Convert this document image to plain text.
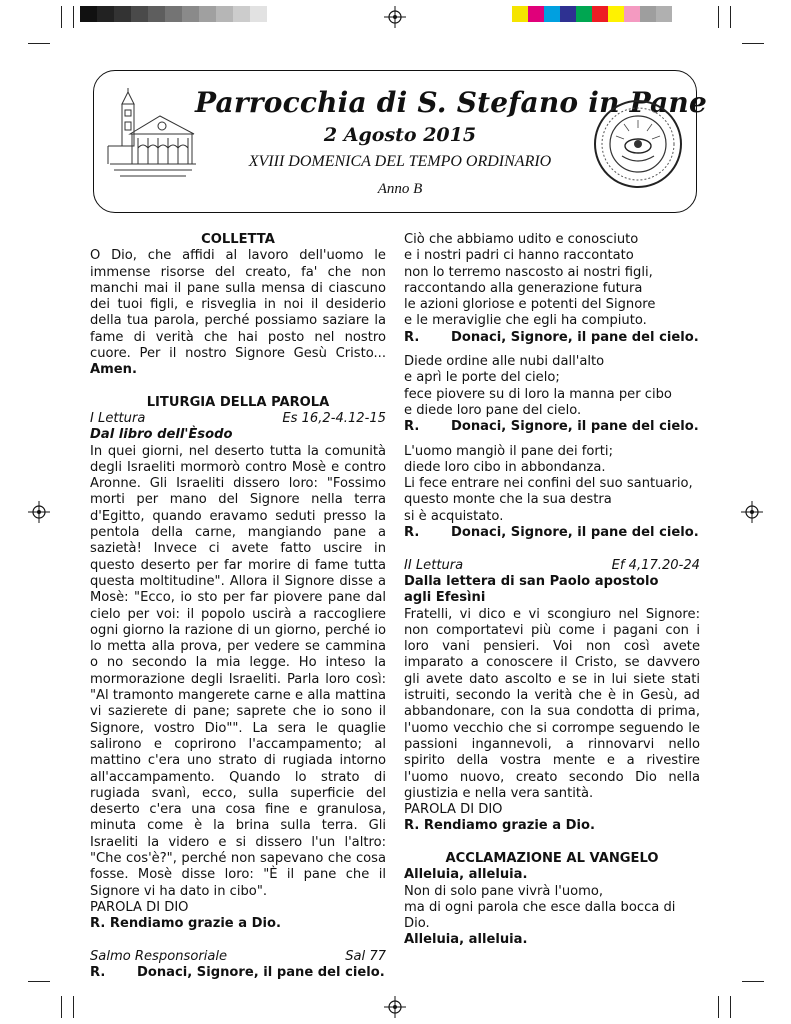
Parrocchia di S. Stefano in Pane
2 Agosto 2015
XVIII DOMENICA DEL TEMPO ORDINARIO
Anno B

COLLETTA

O Dio, che affidi al lavoro dell'uomo le immense risorse del creato, fa' che non manchi mai il pane sulla mensa di ciascuno dei tuoi figli, e risveglia in noi il desiderio della tua parola, perché possiamo saziare la fame di verità che hai posto nel nostro cuore. Per il nostro Signore Gesù Cristo... Amen.

LITURGIA DELLA PAROLA

I Lettura	Es 16,2-4.12-15

Dal libro dell'Èsodo

In quei giorni, nel deserto tutta la comunità degli Israeliti mormorò contro Mosè e contro Aronne. Gli Israeliti dissero loro: "Fossimo morti per mano del Signore nella terra d'Egitto, quando eravamo seduti presso la pentola della carne, mangiando pane a sazietà! Invece ci avete fatto uscire in questo deserto per far morire di fame tutta questa moltitudine". Allora il Signore disse a Mosè: "Ecco, io sto per far piovere pane dal cielo per voi: il popolo uscirà a raccogliere ogni giorno la razione di un giorno, perché io lo metta alla prova, per vedere se cammina o no secondo la mia legge. Ho inteso la mormorazione degli Israeliti. Parla loro così: "Al tramonto mangerete carne e alla mattina vi sazierete di pane; saprete che io sono il Signore, vostro Dio"". La sera le quaglie salirono e coprirono l'accampamento; al mattino c'era uno strato di rugiada intorno all'accampamento. Quando lo strato di rugiada svanì, ecco, sulla superficie del deserto c'era una cosa fine e granulosa, minuta come è la brina sulla terra. Gli Israeliti la videro e si dissero l'un l'altro: "Che cos'è?", perché non sapevano che cosa fosse. Mosè disse loro: "È il pane che il Signore vi ha dato in cibo".

PAROLA DI DIO

R. Rendiamo grazie a Dio.

Salmo Responsoriale	Sal 77
R.	Donaci, Signore, il pane del cielo.

Ciò che abbiamo udito e conosciuto

e i nostri padri ci hanno raccontato

non lo terremo nascosto ai nostri figli,

raccontando alla generazione futura

le azioni gloriose e potenti del Signore

e le meraviglie che egli ha compiuto.

R.	Donaci, Signore, il pane del cielo.

Diede ordine alle nubi dall'alto

e aprì le porte del cielo;

fece piovere su di loro la manna per cibo

e diede loro pane del cielo.

R.	Donaci, Signore, il pane del cielo.

L'uomo mangiò il pane dei forti;

diede loro cibo in abbondanza.

Li fece entrare nei confini del suo santuario,

questo monte che la sua destra

si è acquistato.

R.	Donaci, Signore, il pane del cielo.
II Lettura	Ef 4,17.20-24

Dalla lettera di san Paolo apostolo

agli Efesìni

Fratelli, vi dico e vi scongiuro nel Signore: non comportatevi più come i pagani con i loro vani pensieri. Voi non così avete imparato a conoscere il Cristo, se davvero gli avete dato ascolto e se in lui siete stati istruiti, secondo la verità che è in Gesù, ad abbandonare, con la sua condotta di prima, l'uomo vecchio che si corrompe seguendo le passioni ingannevoli, a rinnovarvi nello spirito della vostra mente e a rivestire l'uomo nuovo, creato secondo Dio nella giustizia e nella vera santità.

PAROLA DI DIO

R. Rendiamo grazie a Dio.

ACCLAMAZIONE AL VANGELO

Alleluia, alleluia.

Non di solo pane vivrà l'uomo,

ma di ogni parola che esce dalla bocca di Dio.

Alleluia, alleluia.
